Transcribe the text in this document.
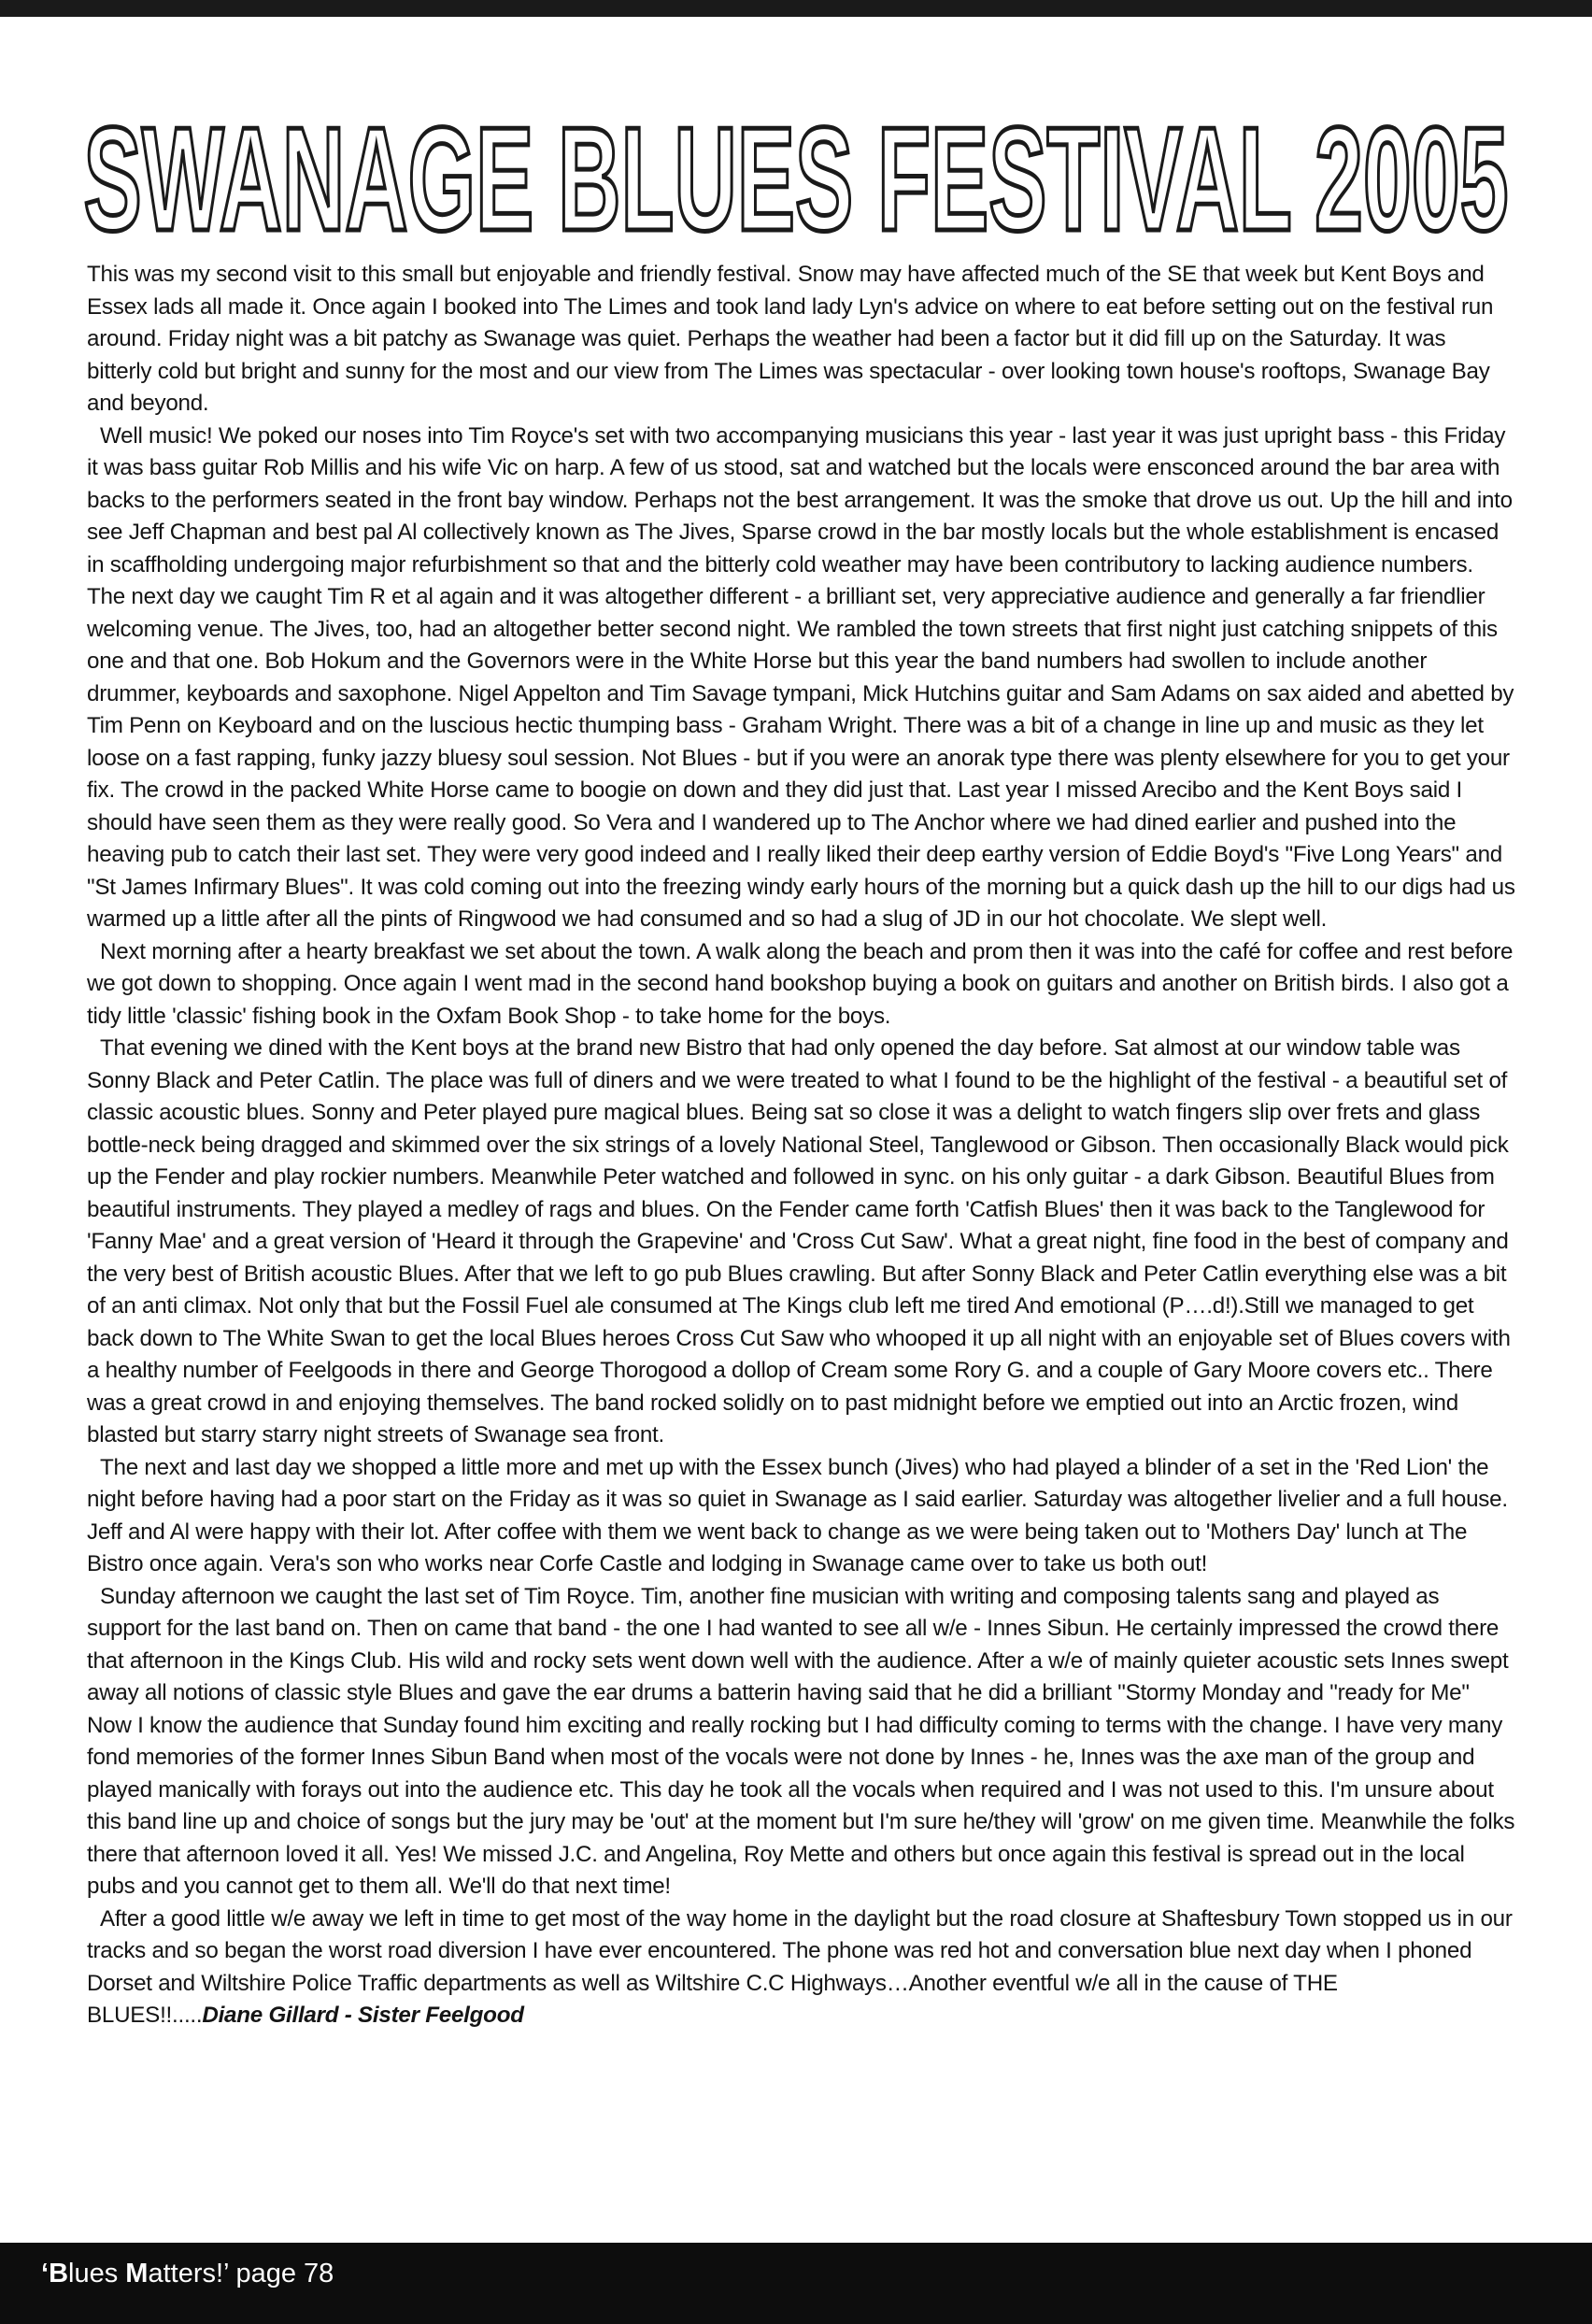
SWANAGE BLUES FESTIVAL 2005

This was my second visit to this small but enjoyable and friendly festival. Snow may have affected much of the SE that week but Kent Boys and Essex lads all made it. Once again I booked into The Limes and took land lady Lyn's advice on where to eat before setting out on the festival run around. Friday night was a bit patchy as Swanage was quiet. Perhaps the weather had been a factor but it did fill up on the Saturday. It was bitterly cold but bright and sunny for the most and our view from The Limes was spectacular - over looking town house's rooftops, Swanage Bay and beyond.

Well music! We poked our noses into Tim Royce's set with two accompanying musicians this year - last year it was just upright bass - this Friday it was bass guitar Rob Millis and his wife Vic on harp. A few of us stood, sat and watched but the locals were ensconced around the bar area with backs to the performers seated in the front bay window. Perhaps not the best arrangement. It was the smoke that drove us out. Up the hill and into see Jeff Chapman and best pal Al collectively known as The Jives, Sparse crowd in the bar mostly locals but the whole establishment is encased in scaffholding undergoing major refurbishment so that and the bitterly cold weather may have been contributory to lacking audience numbers. The next day we caught Tim R et al again and it was altogether different - a brilliant set, very appreciative audience and generally a far friendlier welcoming venue. The Jives, too, had an altogether better second night. We rambled the town streets that first night just catching snippets of this one and that one. Bob Hokum and the Governors were in the White Horse but this year the band numbers had swollen to include another drummer, keyboards and saxophone. Nigel Appelton and Tim Savage tympani, Mick Hutchins guitar and Sam Adams on sax aided and abetted by Tim Penn on Keyboard and on the luscious hectic thumping bass - Graham Wright. There was a bit of a change in line up and music as they let loose on a fast rapping, funky jazzy bluesy soul session. Not Blues - but if you were an anorak type there was plenty elsewhere for you to get your fix. The crowd in the packed White Horse came to boogie on down and they did just that. Last year I missed Arecibo and the Kent Boys said I should have seen them as they were really good. So Vera and I wandered up to The Anchor where we had dined earlier and pushed into the heaving pub to catch their last set. They were very good indeed and I really liked their deep earthy version of Eddie Boyd's "Five Long Years" and "St James Infirmary Blues". It was cold coming out into the freezing windy early hours of the morning but a quick dash up the hill to our digs had us warmed up a little after all the pints of Ringwood we had consumed and so had a slug of JD in our hot chocolate. We slept well.

Next morning after a hearty breakfast we set about the town. A walk along the beach and prom then it was into the café for coffee and rest before we got down to shopping. Once again I went mad in the second hand bookshop buying a book on guitars and another on British birds. I also got a tidy little 'classic' fishing book in the Oxfam Book Shop - to take home for the boys.

That evening we dined with the Kent boys at the brand new Bistro that had only opened the day before. Sat almost at our window table was Sonny Black and Peter Catlin. The place was full of diners and we were treated to what I found to be the highlight of the festival - a beautiful set of classic acoustic blues. Sonny and Peter played pure magical blues. Being sat so close it was a delight to watch fingers slip over frets and glass bottle-neck being dragged and skimmed over the six strings of a lovely National Steel, Tanglewood or Gibson. Then occasionally Black would pick up the Fender and play rockier numbers. Meanwhile Peter watched and followed in sync. on his only guitar - a dark Gibson. Beautiful Blues from beautiful instruments. They played a medley of rags and blues. On the Fender came forth 'Catfish Blues' then it was back to the Tanglewood for 'Fanny Mae' and a great version of 'Heard it through the Grapevine' and 'Cross Cut Saw'. What a great night, fine food in the best of company and the very best of British acoustic Blues. After that we left to go pub Blues crawling. But after Sonny Black and Peter Catlin everything else was a bit of an anti climax. Not only that but the Fossil Fuel ale consumed at The Kings club left me tired And emotional (P….d!).Still we managed to get back down to The White Swan to get the local Blues heroes Cross Cut Saw who whooped it up all night with an enjoyable set of Blues covers with a healthy number of Feelgoods in there and George Thorogood a dollop of Cream some Rory G. and a couple of Gary Moore covers etc.. There was a great crowd in and enjoying themselves. The band rocked solidly on to past midnight before we emptied out into an Arctic frozen, wind blasted but starry starry night streets of Swanage sea front.

The next and last day we shopped a little more and met up with the Essex bunch (Jives) who had played a blinder of a set in the 'Red Lion' the night before having had a poor start on the Friday as it was so quiet in Swanage as I said earlier. Saturday was altogether livelier and a full house. Jeff and Al were happy with their lot. After coffee with them we went back to change as we were being taken out to 'Mothers Day' lunch at The Bistro once again. Vera's son who works near Corfe Castle and lodging in Swanage came over to take us both out!

Sunday afternoon we caught the last set of Tim Royce. Tim, another fine musician with writing and composing talents sang and played as support for the last band on. Then on came that band - the one I had wanted to see all w/e - Innes Sibun. He certainly impressed the crowd there that afternoon in the Kings Club. His wild and rocky sets went down well with the audience. After a w/e of mainly quieter acoustic sets Innes swept away all notions of classic style Blues and gave the ear drums a batterin having said that he did a brilliant "Stormy Monday and "ready for Me" Now I know the audience that Sunday found him exciting and really rocking but I had difficulty coming to terms with the change. I have very many fond memories of the former Innes Sibun Band when most of the vocals were not done by Innes - he, Innes was the axe man of the group and played manically with forays out into the audience etc. This day he took all the vocals when required and I was not used to this. I'm unsure about this band line up and choice of songs but the jury may be 'out' at the moment but I'm sure he/they will 'grow' on me given time. Meanwhile the folks there that afternoon loved it all. Yes! We missed J.C. and Angelina, Roy Mette and others but once again this festival is spread out in the local pubs and you cannot get to them all. We'll do that next time!

After a good little w/e away we left in time to get most of the way home in the daylight but the road closure at Shaftesbury Town stopped us in our tracks and so began the worst road diversion I have ever encountered. The phone was red hot and conversation blue next day when I phoned Dorset and Wiltshire Police Traffic departments as well as Wiltshire C.C Highways…Another eventful w/e all in the cause of THE BLUES!!.....Diane Gillard - Sister Feelgood

‘Blues Matters!’ page 78
